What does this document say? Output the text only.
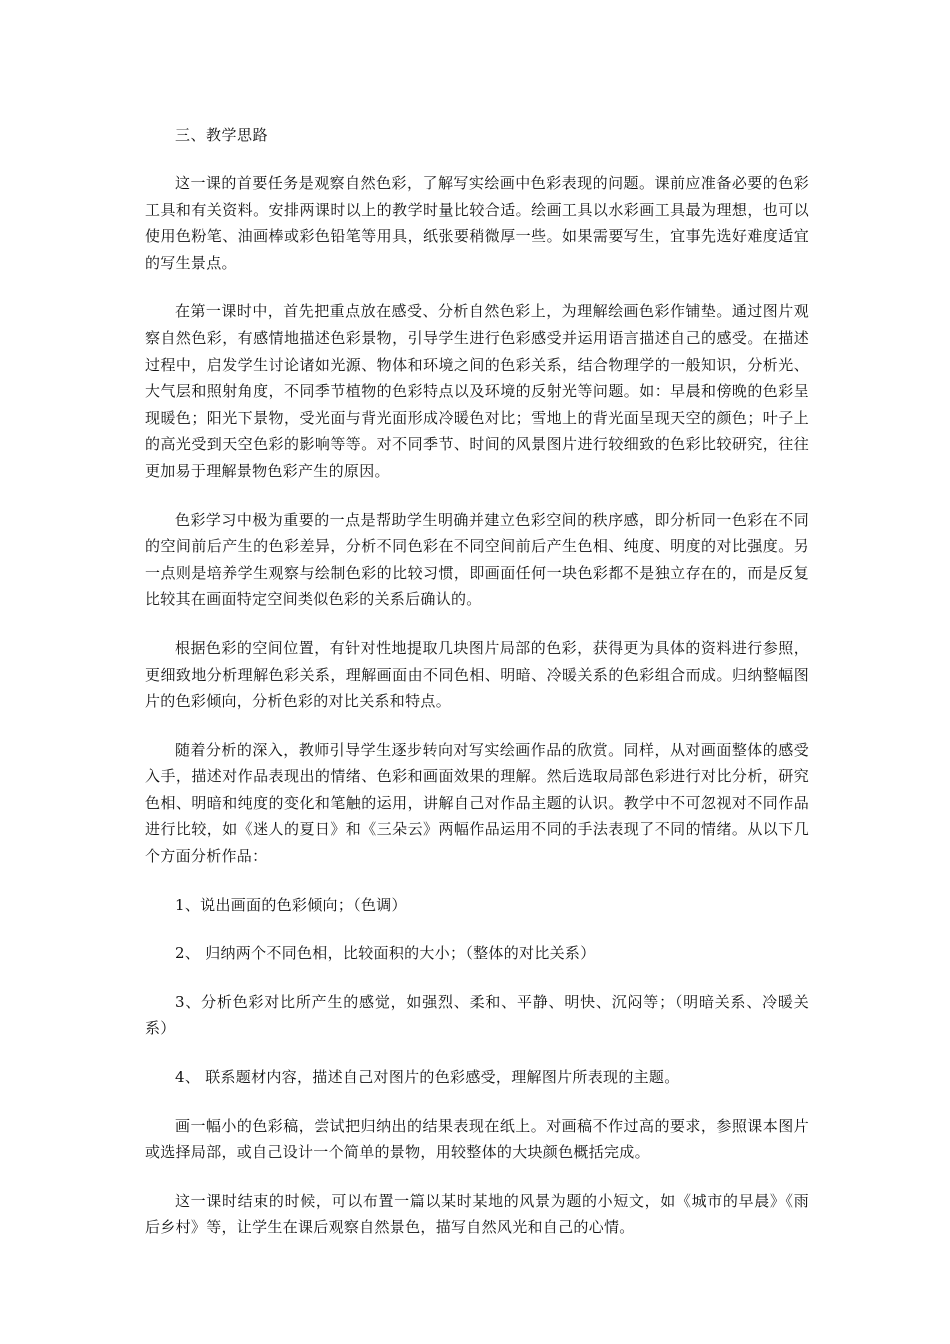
三、教学思路

这一课的首要任务是观察自然色彩，了解写实绘画中色彩表现的问题。课前应准备必要的色彩工具和有关资料。安排两课时以上的教学时量比较合适。绘画工具以水彩画工具最为理想，也可以使用色粉笔、油画棒或彩色铅笔等用具，纸张要稍微厚一些。如果需要写生，宜事先选好难度适宜的写生景点。

在第一课时中，首先把重点放在感受、分析自然色彩上，为理解绘画色彩作铺垫。通过图片观察自然色彩，有感情地描述色彩景物，引导学生进行色彩感受并运用语言描述自己的感受。在描述过程中，启发学生讨论诸如光源、物体和环境之间的色彩关系，结合物理学的一般知识，分析光、大气层和照射角度，不同季节植物的色彩特点以及环境的反射光等问题。如：早晨和傍晚的色彩呈现暖色；阳光下景物，受光面与背光面形成冷暖色对比；雪地上的背光面呈现天空的颜色；叶子上的高光受到天空色彩的影响等等。对不同季节、时间的风景图片进行较细致的色彩比较研究，往往更加易于理解景物色彩产生的原因。

色彩学习中极为重要的一点是帮助学生明确并建立色彩空间的秩序感，即分析同一色彩在不同的空间前后产生的色彩差异，分析不同色彩在不同空间前后产生色相、纯度、明度的对比强度。另一点则是培养学生观察与绘制色彩的比较习惯，即画面任何一块色彩都不是独立存在的，而是反复比较其在画面特定空间类似色彩的关系后确认的。

根据色彩的空间位置，有针对性地提取几块图片局部的色彩，获得更为具体的资料进行参照，更细致地分析理解色彩关系，理解画面由不同色相、明暗、冷暖关系的色彩组合而成。归纳整幅图片的色彩倾向，分析色彩的对比关系和特点。

随着分析的深入，教师引导学生逐步转向对写实绘画作品的欣赏。同样，从对画面整体的感受入手，描述对作品表现出的情绪、色彩和画面效果的理解。然后选取局部色彩进行对比分析，研究色相、明暗和纯度的变化和笔触的运用，讲解自己对作品主题的认识。教学中不可忽视对不同作品进行比较，如《迷人的夏日》和《三朵云》两幅作品运用不同的手法表现了不同的情绪。从以下几个方面分析作品：

1、说出画面的色彩倾向；（色调）

2、 归纳两个不同色相，比较面积的大小；（整体的对比关系）

3、分析色彩对比所产生的感觉，如强烈、柔和、平静、明快、沉闷等；（明暗关系、冷暖关系）

4、 联系题材内容，描述自己对图片的色彩感受，理解图片所表现的主题。

画一幅小的色彩稿，尝试把归纳出的结果表现在纸上。对画稿不作过高的要求，参照课本图片或选择局部，或自己设计一个简单的景物，用较整体的大块颜色概括完成。

这一课时结束的时候，可以布置一篇以某时某地的风景为题的小短文，如《城市的早晨》《雨后乡村》等，让学生在课后观察自然景色，描写自然风光和自己的心情。
